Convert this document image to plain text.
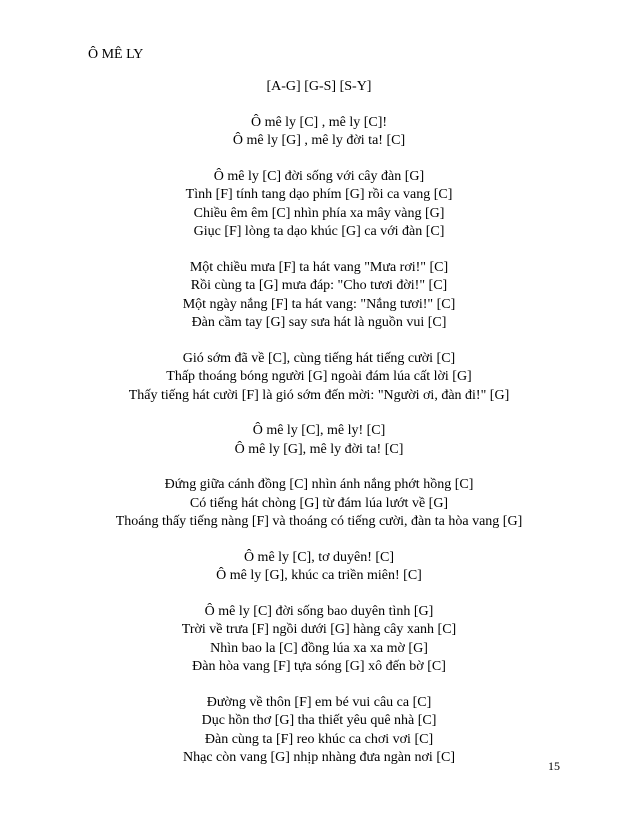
Ô MÊ LY
[A-G] [G-S] [S-Y]
Ô mê ly [C] , mê ly [C]!
Ô mê ly [G] , mê ly đời ta! [C]
Ô mê ly [C] đời sống với cây đàn [G]
Tình [F] tính tang dạo phím [G] rồi ca vang [C]
Chiều êm êm [C] nhìn phía xa mây vàng [G]
Giục [F] lòng ta dạo khúc [G] ca với đàn [C]
Một chiều mưa [F] ta hát vang "Mưa rơi!" [C]
Rồi cùng ta [G] mưa đáp: "Cho tươi đời!" [C]
Một ngày nắng [F] ta hát vang: "Nắng tươi!" [C]
Đàn cầm tay [G] say sưa hát là nguồn vui [C]
Gió sớm đã về [C], cùng tiếng hát tiếng cười [C]
Thấp thoáng bóng người [G] ngoài đám lúa cất lời [G]
Thấy tiếng hát cười [F] là gió sớm đến mời: "Người ơi, đàn đi!" [G]
Ô mê ly [C], mê ly! [C]
Ô mê ly [G], mê ly đời ta! [C]
Đứng giữa cánh đồng [C] nhìn ánh nắng phớt hồng [C]
Có tiếng hát chòng [G] từ đám lúa lướt về [G]
Thoáng thấy tiếng nàng [F] và thoáng có tiếng cười, đàn ta hòa vang [G]
Ô mê ly [C], tơ duyên! [C]
Ô mê ly [G], khúc ca triền miên! [C]
Ô mê ly [C] đời sống bao duyên tình [G]
Trời về trưa [F] ngồi dưới [G] hàng cây xanh [C]
Nhìn bao la [C] đồng lúa xa xa mờ [G]
Đàn hòa vang [F] tựa sóng [G] xô đến bờ [C]
Đường về thôn [F] em bé vui câu ca [C]
Dục hồn thơ [G] tha thiết yêu quê nhà [C]
Đàn cùng ta [F] reo khúc ca chơi vơi [C]
Nhạc còn vang [G] nhịp nhàng đưa ngàn nơi [C]
15
